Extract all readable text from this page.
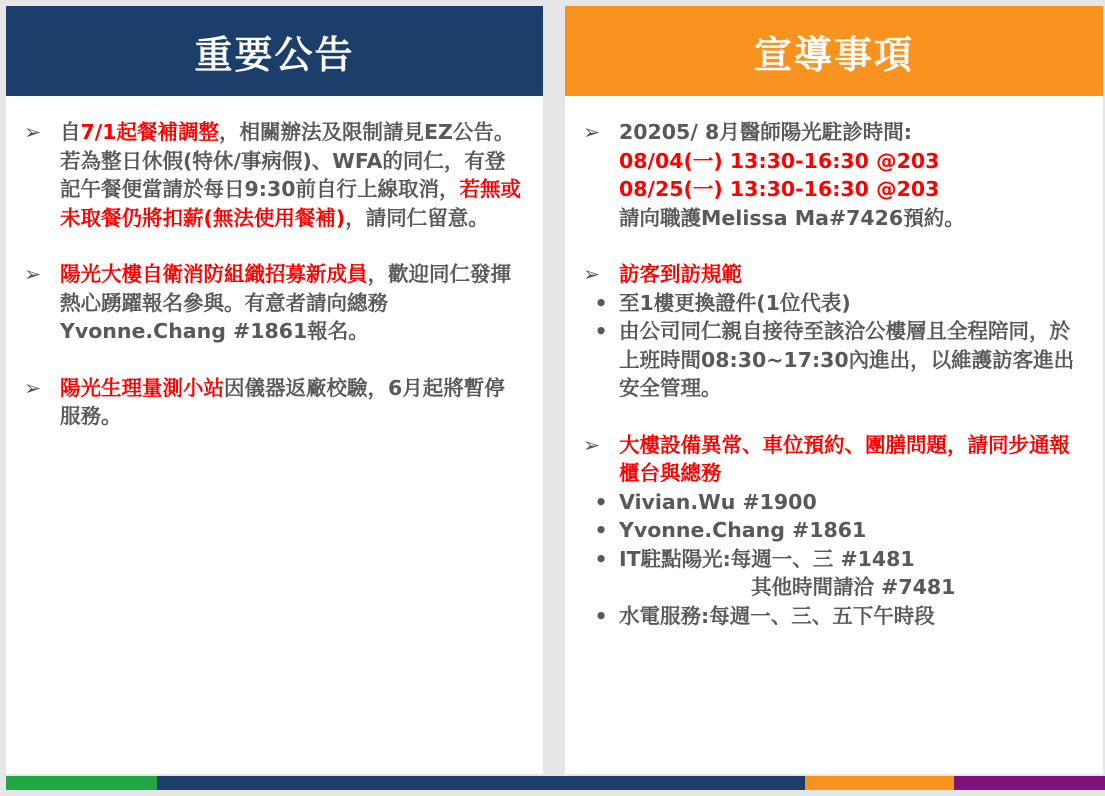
重要公告
➢ 自7/1起餐補調整，相關辦法及限制請見EZ公告。若為整日休假(特休/事病假)、WFA的同仁，有登記午餐便當請於每日9:30前自行上線取消，若無或未取餐仍將扣薪(無法使用餐補)，請同仁留意。
➢ 陽光大樓自衛消防組織招募新成員，歡迎同仁發揮熱心踴躍報名參與。有意者請向總務Yvonne.Chang #1861報名。
➢ 陽光生理量測小站因儀器返廠校驗，6月起將暫停服務。
宣導事項
➢ 20205/ 8月醫師陽光駐診時間:
08/04(一) 13:30-16:30 @203
08/25(一) 13:30-16:30 @203
請向職護Melissa Ma#7426預約。
➢ 訪客到訪規範
• 至1樓更換證件(1位代表)
• 由公司同仁親自接待至該洽公樓層且全程陪同，於上班時間08:30~17:30內進出，以維護訪客進出安全管理。
➢ 大樓設備異常、車位預約、團膳問題，請同步通報櫃台與總務
• Vivian.Wu #1900
• Yvonne.Chang #1861
• IT駐點陽光:每週一、三 #1481
其他時間請洽 #7481
• 水電服務:每週一、三、五下午時段
